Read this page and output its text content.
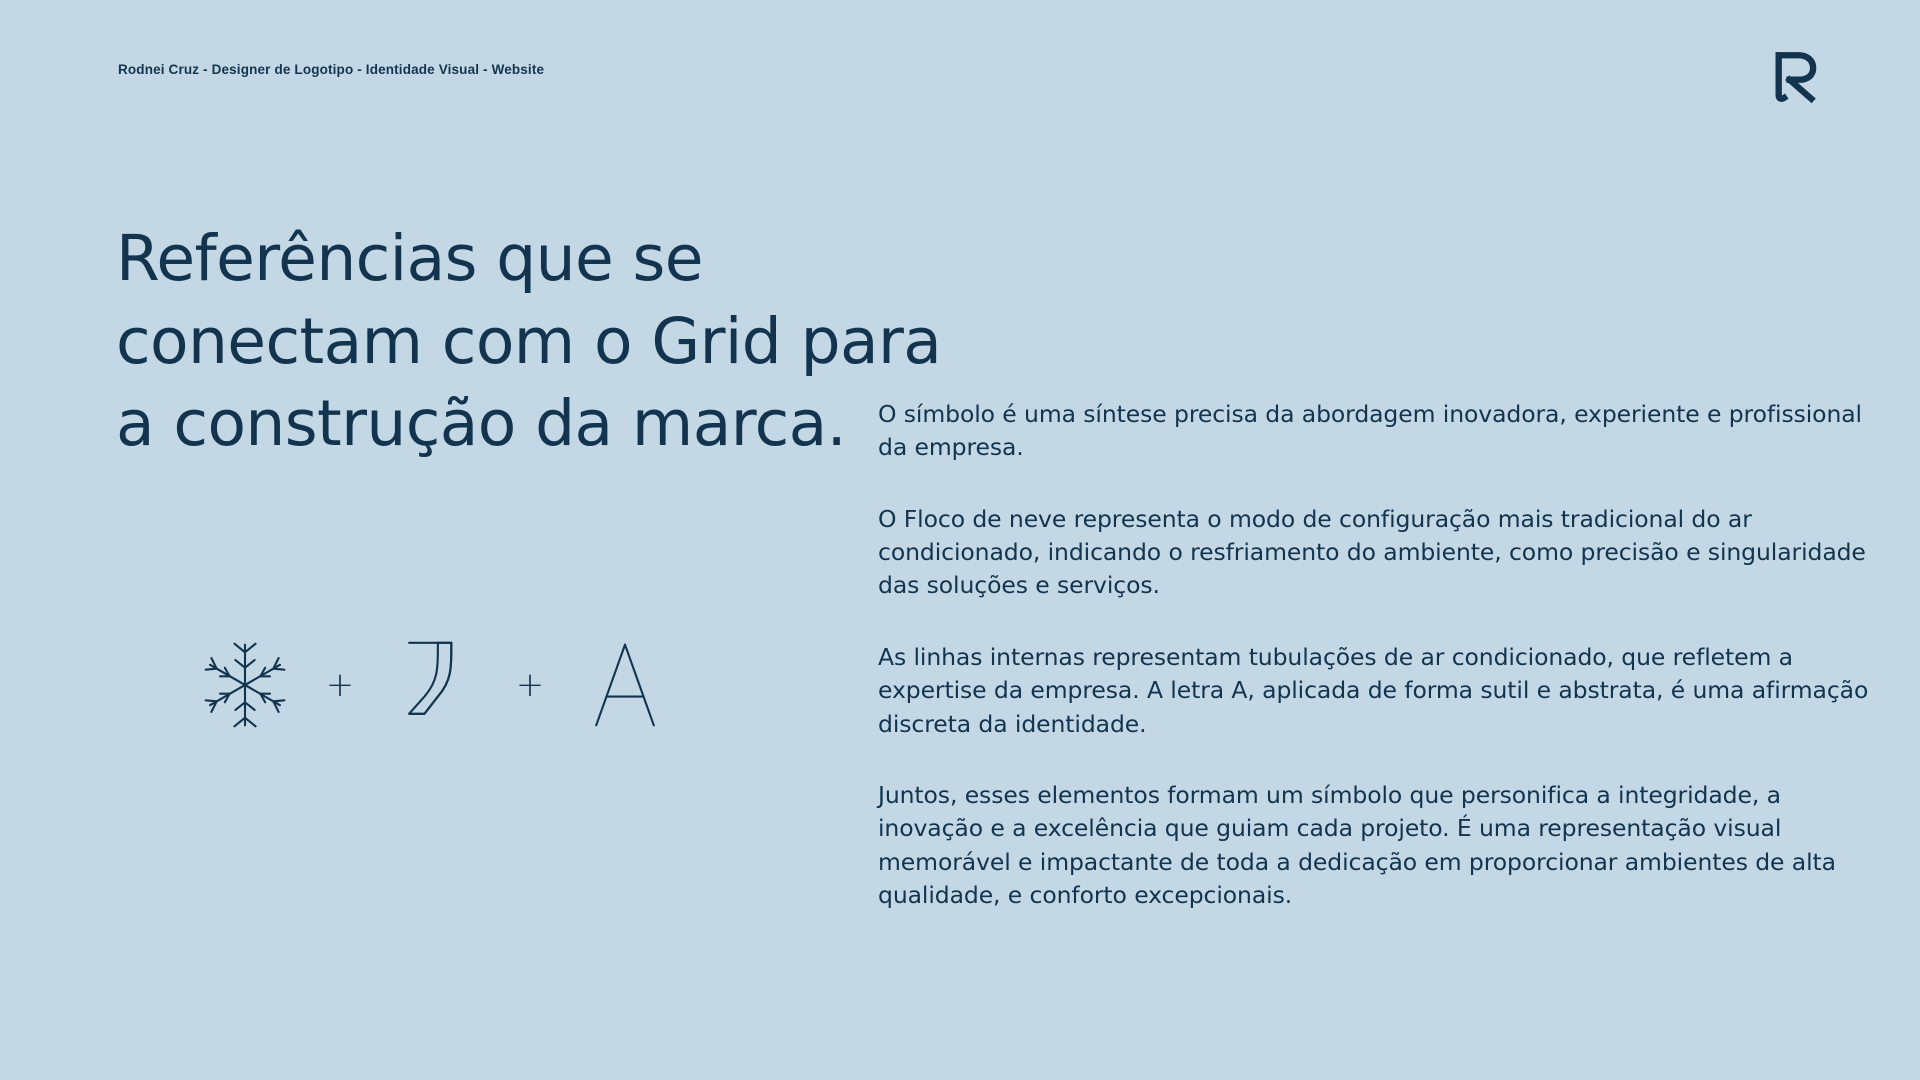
Rodnei Cruz - Designer de Logotipo - Identidade Visual - Website
Referências que se
conectam com o Grid para
a construção da marca.
+	+

O símbolo é uma síntese precisa da abordagem inovadora, experiente e profissional da empresa.

O Floco de neve representa o modo de configuração mais tradicional do ar condicionado, indicando o resfriamento do ambiente, como precisão e singularidade das soluções e serviços.

As linhas internas representam tubulações de ar condicionado, que refletem a expertise da empresa. A letra A, aplicada de forma sutil e abstrata, é uma afirmação discreta da identidade.

Juntos, esses elementos formam um símbolo que personifica a integridade, a inovação e a excelência que guiam cada projeto. É uma representação visual memorável e impactante de toda a dedicação em proporcionar ambientes de alta qualidade, e conforto excepcionais.
